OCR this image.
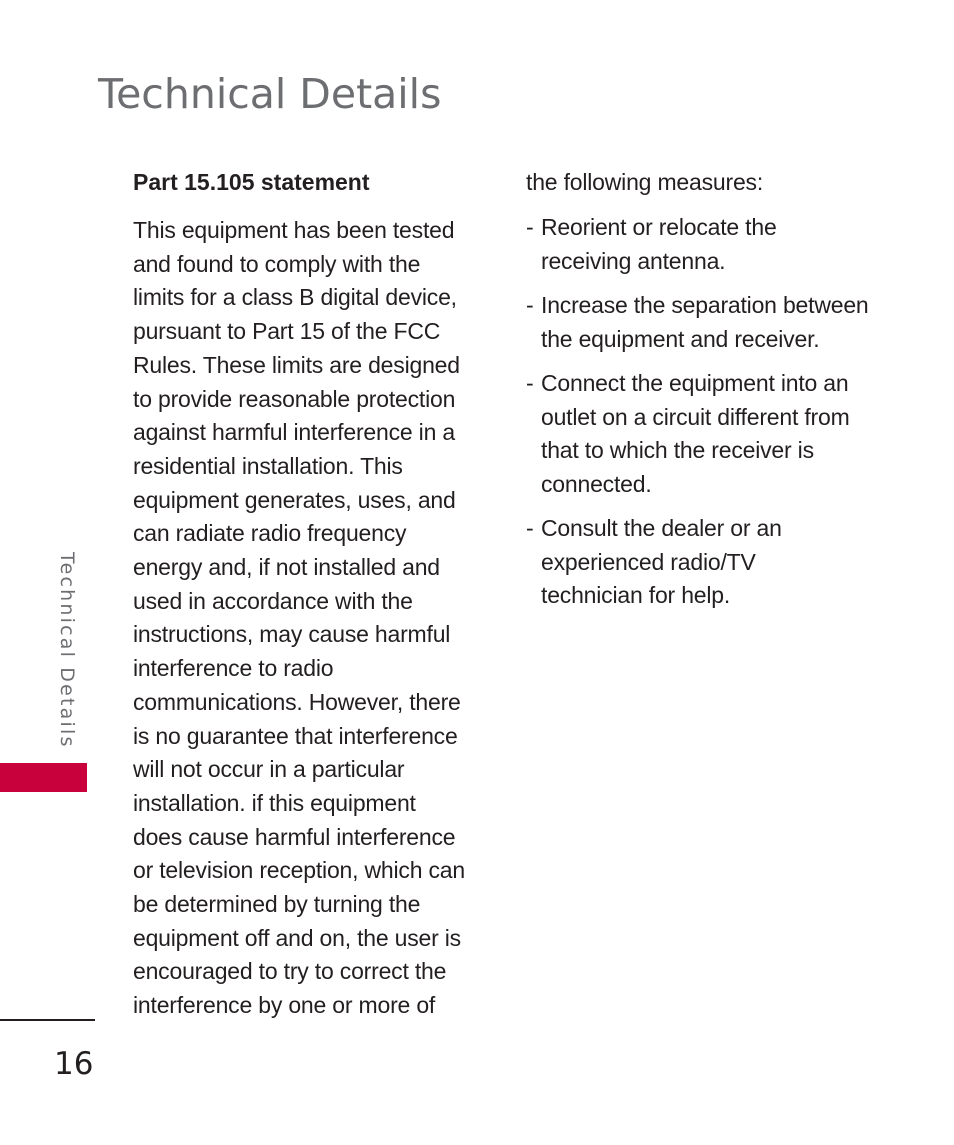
Technical Details
Technical Details
16
Part 15.105 statement
This equipment has been tested
and found to comply with the
limits for a class B digital device,
pursuant to Part 15 of the FCC
Rules. These limits are designed
to provide reasonable protection
against harmful interference in a
residential installation. This
equipment generates, uses, and
can radiate radio frequency
energy and, if not installed and
used in accordance with the
instructions, may cause harmful
interference to radio
communications. However, there
is no guarantee that interference
will not occur in a particular
installation. if this equipment
does cause harmful interference
or television reception, which can
be determined by turning the
equipment off and on, the user is
encouraged to try to correct the
interference by one or more of
the following measures:
- Reorient or relocate the
receiving antenna.
- Increase the separation between
the equipment and receiver.
- Connect the equipment into an
outlet on a circuit different from
that to which the receiver is
connected.
- Consult the dealer or an
experienced radio/TV
technician for help.
